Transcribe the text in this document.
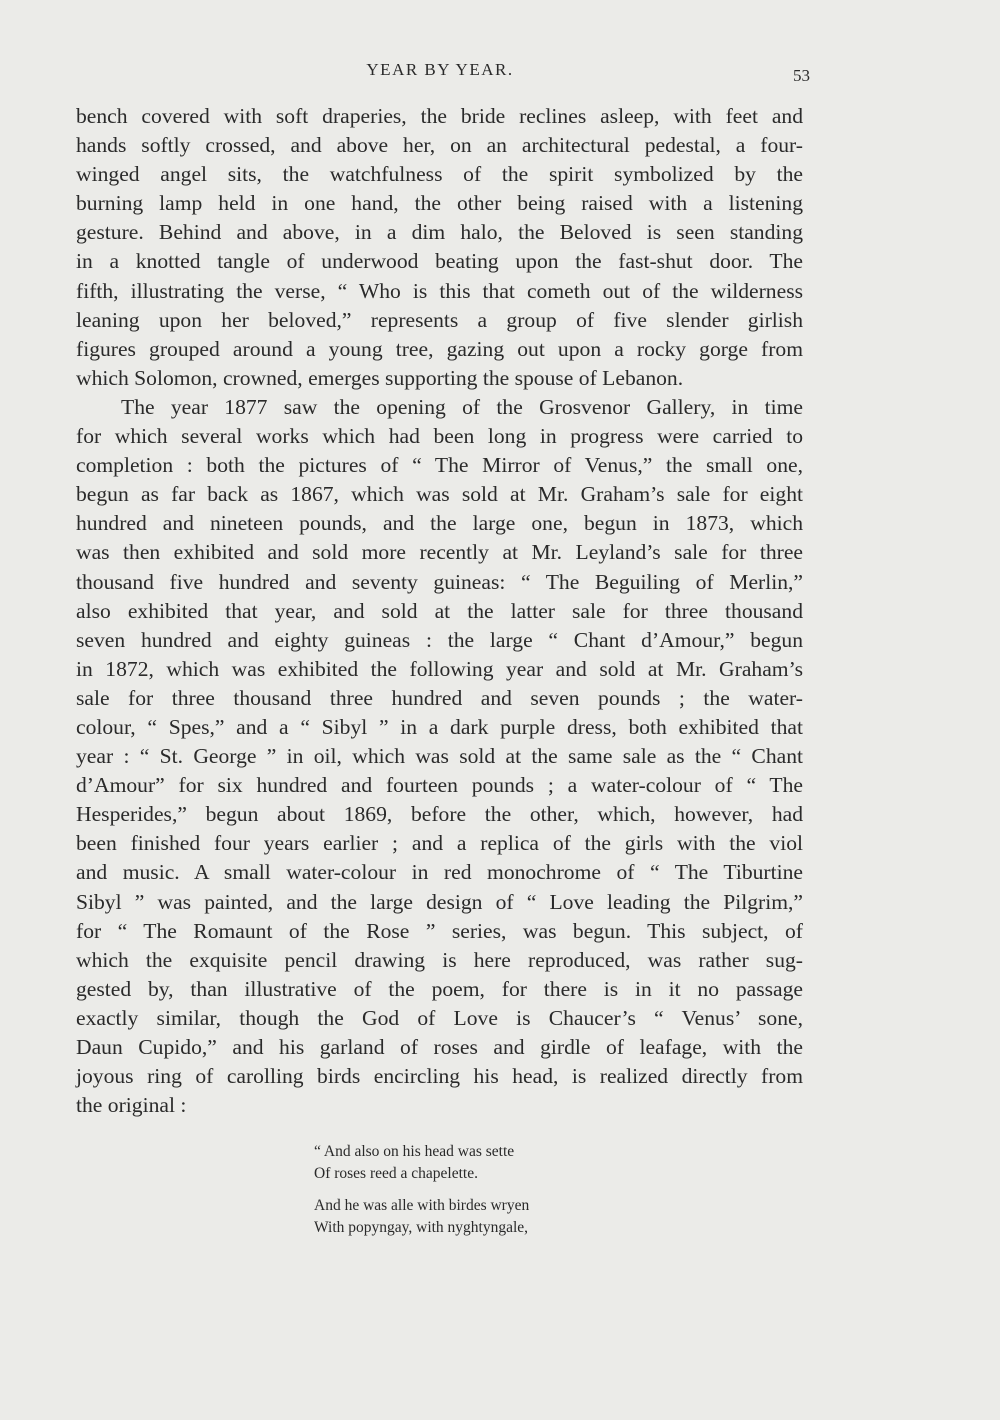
YEAR BY YEAR.	53
bench covered with soft draperies, the bride reclines asleep, with feet and
hands softly crossed, and above her, on an architectural pedestal, a four-
winged angel sits, the watchfulness of the spirit symbolized by the
burning lamp held in one hand, the other being raised with a listening
gesture. Behind and above, in a dim halo, the Beloved is seen standing
in a knotted tangle of underwood beating upon the fast-shut door. The
fifth, illustrating the verse, “ Who is this that cometh out of the wilderness
leaning upon her beloved,” represents a group of five slender girlish
figures grouped around a young tree, gazing out upon a rocky gorge from
which Solomon, crowned, emerges supporting the spouse of Lebanon.
The year 1877 saw the opening of the Grosvenor Gallery, in time
for which several works which had been long in progress were carried to
completion : both the pictures of “ The Mirror of Venus,” the small one,
begun as far back as 1867, which was sold at Mr. Graham’s sale for eight
hundred and nineteen pounds, and the large one, begun in 1873, which
was then exhibited and sold more recently at Mr. Leyland’s sale for three
thousand five hundred and seventy guineas: “ The Beguiling of Merlin,”
also exhibited that year, and sold at the latter sale for three thousand
seven hundred and eighty guineas : the large “ Chant d’Amour,” begun
in 1872, which was exhibited the following year and sold at Mr. Graham’s
sale for three thousand three hundred and seven pounds ; the water-
colour, “ Spes,” and a “ Sibyl ” in a dark purple dress, both exhibited that
year : “ St. George ” in oil, which was sold at the same sale as the “ Chant
d’Amour” for six hundred and fourteen pounds ; a water-colour of “ The
Hesperides,” begun about 1869, before the other, which, however, had
been finished four years earlier ; and a replica of the girls with the viol
and music. A small water-colour in red monochrome of “ The Tiburtine
Sibyl ” was painted, and the large design of “ Love leading the Pilgrim,”
for “ The Romaunt of the Rose ” series, was begun. This subject, of
which the exquisite pencil drawing is here reproduced, was rather sug-
gested by, than illustrative of the poem, for there is in it no passage
exactly similar, though the God of Love is Chaucer’s “ Venus’ sone,
Daun Cupido,” and his garland of roses and girdle of leafage, with the
joyous ring of carolling birds encircling his head, is realized directly from
the original :
“ And also on his head was sette
Of roses reed a chapelette.
And he was alle with birdes wryen
With popyngay, with nyghtyngale,
